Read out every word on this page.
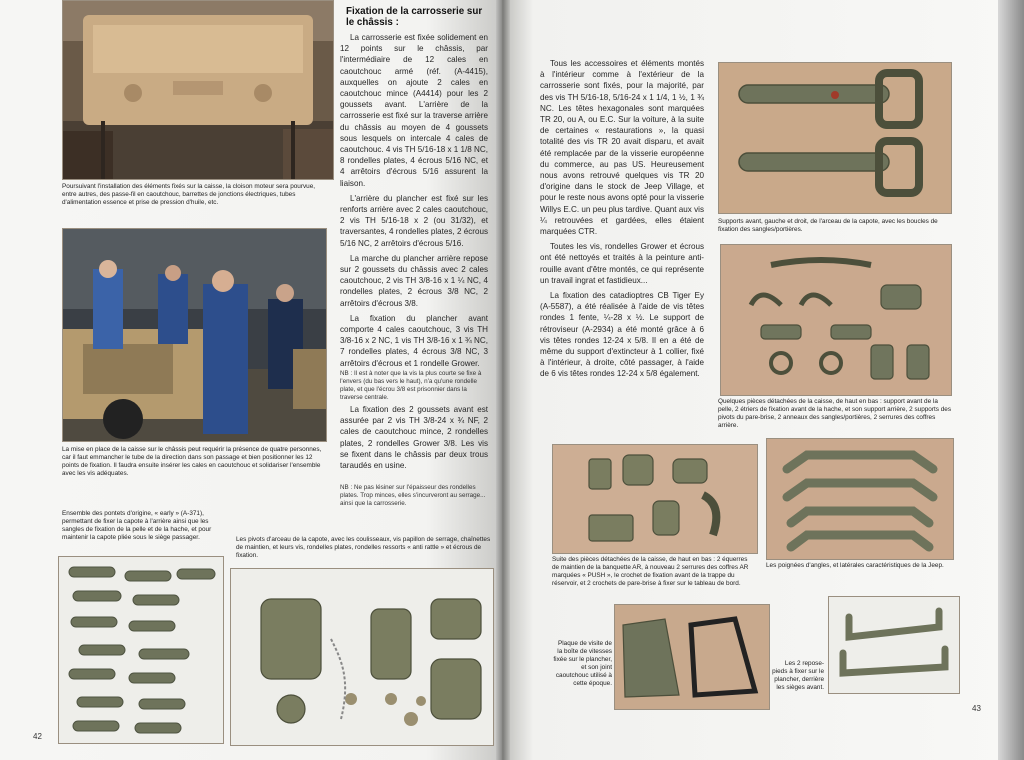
Poursuivant l'installation des éléments fixés sur la caisse, la cloison moteur sera pourvue, entre autres, des passe-fil en caoutchouc, barrettes de jonctions électriques, tubes d'alimentation essence et prise de pression d'huile, etc.
La mise en place de la caisse sur le châssis peut requérir la présence de quatre personnes, car il faut emmancher le tube de la direction dans son passage et bien positionner les 12 points de fixation. Il faudra ensuite insérer les cales en caoutchouc et solidariser l'ensemble avec les vis adéquates.
Fixation de la carrosserie sur le châssis :

La carrosserie est fixée solidement en 12 points sur le châssis, par l'intermédiaire de 12 cales en caoutchouc armé (réf. (A-4415), auxquelles on ajoute 2 cales en caoutchouc mince (A4414) pour les 2 goussets avant. L'arrière de la carrosserie est fixé sur la traverse arrière du châssis au moyen de 4 goussets sous lesquels on intercale 4 cales de caoutchouc. 4 vis TH 5/16-18 x 1 1/8 NC, 8 rondelles plates, 4 écrous 5/16 NC, et 4 arrêtoirs d'écrous 5/16 assurent la liaison.

L'arrière du plancher est fixé sur les renforts arrière avec 2 cales caoutchouc, 2 vis TH 5/16-18 x 2 (ou 31/32), et traversantes, 4 rondelles plates, 2 écrous 5/16 NC, 2 arrêtoirs d'écrous 5/16.

La marche du plancher arrière repose sur 2 goussets du châssis avec 2 cales caoutchouc, 2 vis TH 3/8-16 x 1 ¼ NC, 4 rondelles plates, 2 écrous 3/8 NC, 2 arrêtoirs d'écrous 3/8.

La fixation du plancher avant comporte 4 cales caoutchouc, 3 vis TH 3/8-16 x 2 NC, 1 vis TH 3/8-16 x 1 ¾ NC, 7 rondelles plates, 4 écrous 3/8 NC, 3 arrêtoirs d'écrous et 1 rondelle Grower.

NB : Il est à noter que la vis la plus courte se fixe à l'envers (du bas vers le haut), n'a qu'une rondelle plate, et que l'écrou 3/8 est prisonnier dans la traverse centrale.

La fixation des 2 goussets avant est assurée par 2 vis TH 3/8-24 x ¾ NF, 2 cales de caoutchouc mince, 2 rondelles plates, 2 rondelles Grower 3/8. Les vis se fixent dans le châssis par deux trous taraudés en usine.

NB : Ne pas lésiner sur l'épaisseur des rondelles plates. Trop minces, elles s'incurveront au serrage... ainsi que la carrosserie.
Ensemble des pontets d'origine, « early » (A-371), permettant de fixer la capote à l'arrière ainsi que les sangles de fixation de la pelle et de la hache, et pour maintenir la capote pliée sous le siège passager.	Les pivots d'arceau de la capote, avec les coulisseaux, vis papillon de serrage, chaînettes de maintien, et leurs vis, rondelles plates, rondelles ressorts « anti rattle » et écrous de fixation.
42

Tous les accessoires et éléments montés à l'intérieur comme à l'extérieur de la carrosserie sont fixés, pour la majorité, par des vis TH 5/16-18, 5/16-24 x 1 1/4, 1 ½, 1 ¾ NC. Les têtes hexagonales sont marquées TR 20, ou A, ou E.C. Sur la voiture, à la suite de certaines « restaurations », la quasi totalité des vis TR 20 avait disparu, et avait été remplacée par de la visserie européenne du commerce, au pas US. Heureusement nous avons retrouvé quelques vis TR 20 d'origine dans le stock de Jeep Village, et pour le reste nous avons opté pour la visserie Willys E.C. un peu plus tardive. Quant aux vis ¼ retrouvées et gardées, elles étaient marquées CTR.

Toutes les vis, rondelles Grower et écrous ont été nettoyés et traités à la peinture anti-rouille avant d'être montés, ce qui représente un travail ingrat et fastidieux...

La fixation des catadioptres CB Tiger Ey (A-5587), a été réalisée à l'aide de vis têtes rondes 1 fente, ¼-28 x ½. Le support de rétroviseur (A-2934) a été monté grâce à 6 vis têtes rondes 12-24 x 5/8. Il en a été de même du support d'extincteur à 1 collier, fixé à l'intérieur, à droite, côté passager, à l'aide de 6 vis têtes rondes 12-24 x 5/8 également.

Supports avant, gauche et droit, de l'arceau de la capote, avec les boucles de fixation des sangles/portières.
Quelques pièces détachées de la caisse, de haut en bas : support avant de la pelle, 2 étriers de fixation avant de la hache, et son support arrière, 2 supports des pivots du pare-brise, 2 anneaux des sangles/portières, 2 serrures des coffres arrière.
Suite des pièces détachées de la caisse, de haut en bas : 2 équerres de maintien de la banquette AR, à nouveau 2 serrures des coffres AR marquées « PUSH », le crochet de fixation avant de la trappe du réservoir, et 2 crochets de pare-brise à fixer sur le tableau de bord.
Les poignées d'angles, et latérales caractéristiques de la Jeep.
Plaque de visite de la boîte de vitesses fixée sur le plancher, et son joint caoutchouc utilisé à cette époque.
Les 2 repose-pieds à fixer sur le plancher, derrière les sièges avant.
43
